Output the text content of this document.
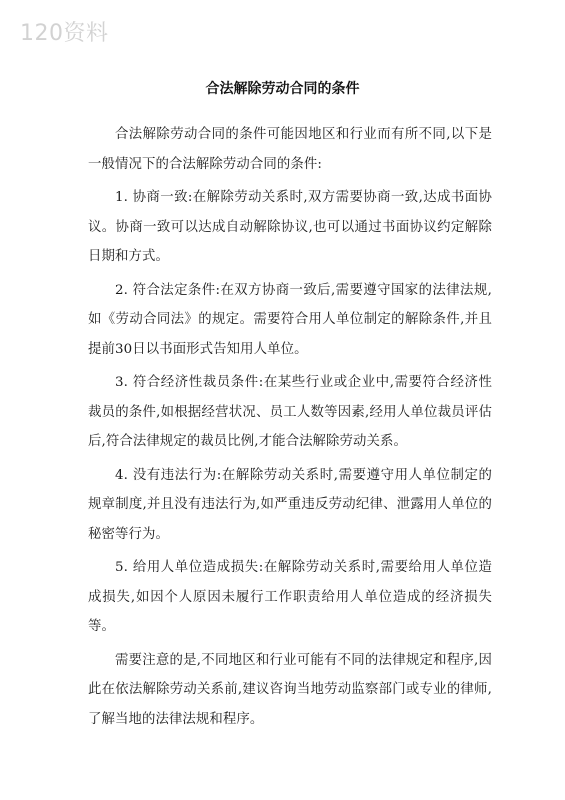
120资料
合法解除劳动合同的条件

合法解除劳动合同的条件可能因地区和行业而有所不同,以下是一般情况下的合法解除劳动合同的条件:

1. 协商一致:在解除劳动关系时,双方需要协商一致,达成书面协议。协商一致可以达成自动解除协议,也可以通过书面协议约定解除日期和方式。

2. 符合法定条件:在双方协商一致后,需要遵守国家的法律法规,如《劳动合同法》的规定。需要符合用人单位制定的解除条件,并且提前30日以书面形式告知用人单位。

3. 符合经济性裁员条件:在某些行业或企业中,需要符合经济性裁员的条件,如根据经营状况、员工人数等因素,经用人单位裁员评估后,符合法律规定的裁员比例,才能合法解除劳动关系。

4. 没有违法行为:在解除劳动关系时,需要遵守用人单位制定的规章制度,并且没有违法行为,如严重违反劳动纪律、泄露用人单位的秘密等行为。

5. 给用人单位造成损失:在解除劳动关系时,需要给用人单位造成损失,如因个人原因未履行工作职责给用人单位造成的经济损失等。

需要注意的是,不同地区和行业可能有不同的法律规定和程序,因此在依法解除劳动关系前,建议咨询当地劳动监察部门或专业的律师,了解当地的法律法规和程序。
